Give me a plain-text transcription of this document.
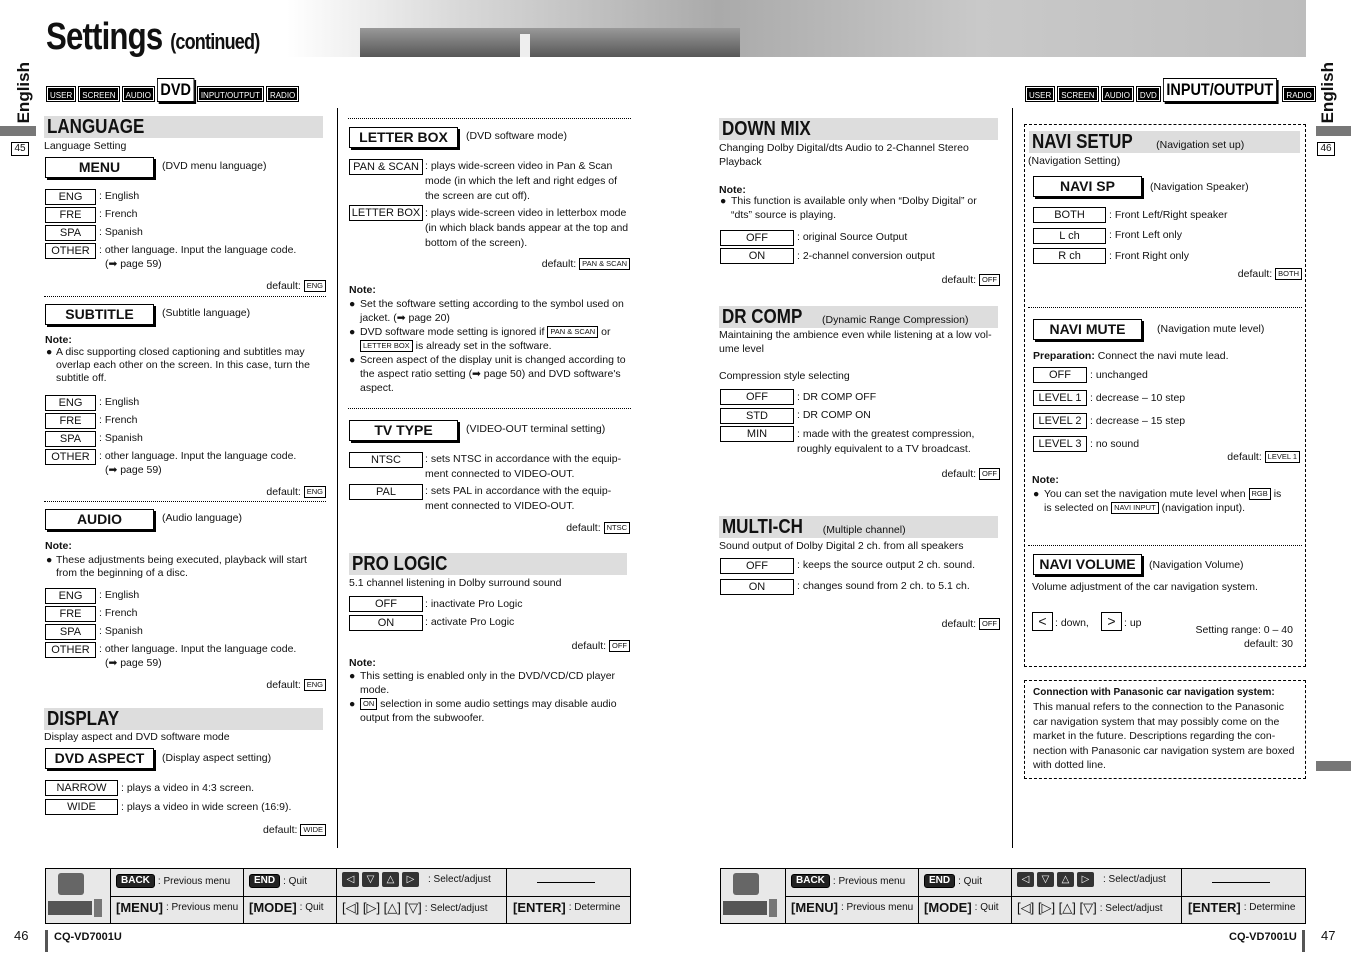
Settings (continued)
English
45
English
46
USER	SCREEN	AUDIO DVD	INPUT/OUTPUT	RADIO	USER	SCREEN	AUDIO	DVD INPUT/OUTPUT	RADIO
LANGUAGE
Language Setting
MENU	(DVD menu language)
ENG	: English
FRE	: French
SPA	: Spanish
OTHER : other language. Input the language code.
(➡ page 59)
default: ENG
SUBTITLE	(Subtitle language)
Note:
● A disc supporting closed captioning and subtitles may overlap each other on the screen. In this case, turn the subtitle off.
ENG	: English
FRE	: French
SPA	: Spanish
OTHER : other language. Input the language code.
(➡ page 59)
default: ENG
AUDIO	(Audio language)
Note:
● These adjustments being executed, playback will start from the beginning of a disc.
ENG	: English
FRE	: French
SPA	: Spanish
OTHER : other language. Input the language code.
(➡ page 59)
default: ENG
DISPLAY
Display aspect and DVD software mode
DVD ASPECT	(Display aspect setting)
NARROW	: plays a video in 4:3 screen.
WIDE	: plays a video in wide screen (16:9).
default: WIDE
LETTER BOX	(DVD software mode)
PAN & SCAN : plays wide-screen video in Pan & Scan mode (in which the left and right edges of the screen are cut off).
LETTER BOX : plays wide-screen video in letterbox mode (in which black bands appear at the top and bottom of the screen).
default: PAN & SCAN
Note:
● Set the software setting according to the symbol used on jacket. (➡ page 20)
● DVD software mode setting is ignored if PAN & SCAN or
LETTER BOX is already set in the software.
● Screen aspect of the display unit is changed according to the aspect ratio setting (➡ page 50) and DVD software's aspect.
TV TYPE	(VIDEO-OUT terminal setting)
NTSC	: sets NTSC in accordance with the equip-ment connected to VIDEO-OUT.
PAL	: sets PAL in accordance with the equip-ment connected to VIDEO-OUT.
default: NTSC
PRO LOGIC
5.1 channel listening in Dolby surround sound
OFF	: inactivate Pro Logic
ON	: activate Pro Logic
default: OFF
Note:
● This setting is enabled only in the DVD/VCD/CD player mode.
● ON selection in some audio settings may disable audio output from the subwoofer.
DOWN MIX
Changing Dolby Digital/dts Audio to 2-Channel Stereo Playback
Note:
● This function is available only when “Dolby Digital” or “dts” source is playing.
OFF	: original Source Output
ON	: 2-channel conversion output
default: OFF
DR COMP (Dynamic Range Compression)
Maintaining the ambience even while listening at a low vol-ume level
Compression style selecting
OFF	: DR COMP OFF
STD	: DR COMP ON
MIN	: made with the greatest compression, roughly equivalent to a TV broadcast.
default: OFF
MULTI-CH (Multiple channel)
Sound output of Dolby Digital 2 ch. from all speakers
OFF	: keeps the source output 2 ch. sound.
ON	: changes sound from 2 ch. to 5.1 ch.
default: OFF
NAVI SETUP (Navigation set up)
(Navigation Setting)
NAVI SP	(Navigation Speaker)
BOTH	: Front Left/Right speaker
L ch	: Front Left only
R ch	: Front Right only
default: BOTH
NAVI MUTE	(Navigation mute level)
Preparation: Connect the navi mute lead.
OFF	: unchanged
LEVEL 1 : decrease – 10 step
LEVEL 2 : decrease – 15 step
LEVEL 3 : no sound
default: LEVEL 1
Note:
● You can set the navigation mute level when RGB is
is selected on NAVI INPUT (navigation input).
NAVI VOLUME	(Navigation Volume)
Volume adjustment of the car navigation system.
< : down,	> : up
Setting range: 0 – 40
default: 30
Connection with Panasonic car navigation system:
This manual refers to the connection to the Panasonic car navigation system that may possibly come on the market in the future. Descriptions regarding the con-nection with Panasonic car navigation system are boxed with dotted line.
BACK : Previous menu	END : Quit	◁	▽	△	▷	: Select/adjust
[MENU] : Previous menu [MODE] : Quit [◁] [▷] [△] [▽] : Select/adjust [ENTER] : Determine
BACK : Previous menu	END : Quit	◁	▽	△	▷	: Select/adjust
[MENU] : Previous menu [MODE] : Quit [◁] [▷] [△] [▽] : Select/adjust [ENTER] : Determine
46 CQ-VD7001U	CQ-VD7001U 47
